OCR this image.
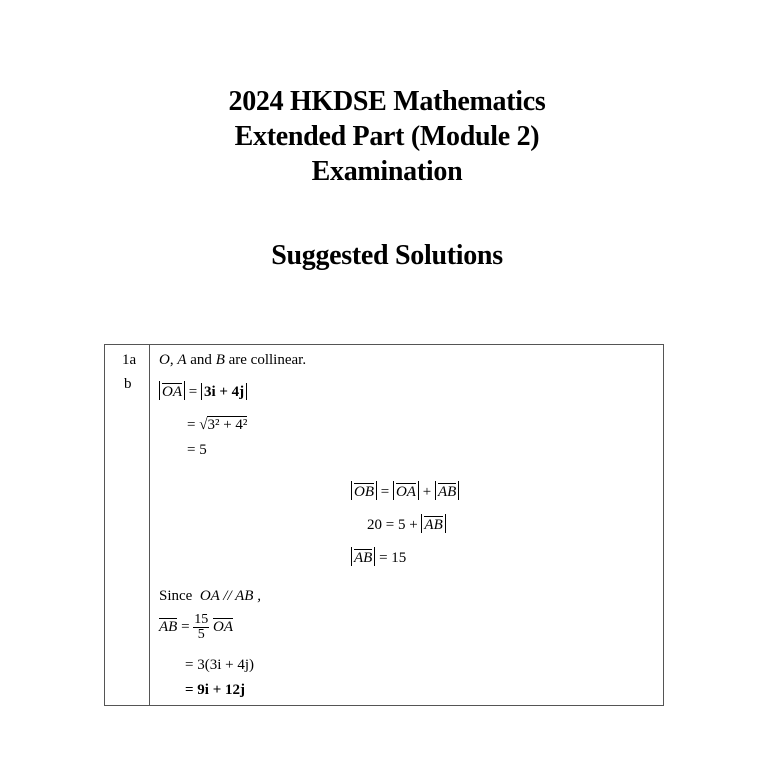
2024 HKDSE Mathematics
Extended Part (Module 2)
Examination
Suggested Solutions
1a
b
O, A and B are collinear.
OA = 3i + 4j
= √3² + 4²
= 5
OB = OA + AB
20 = 5 + AB
AB = 15
Since OA // AB ,
AB = $\frac{15}{5}$ OA
= 3(3i + 4j)
= 9i + 12j
